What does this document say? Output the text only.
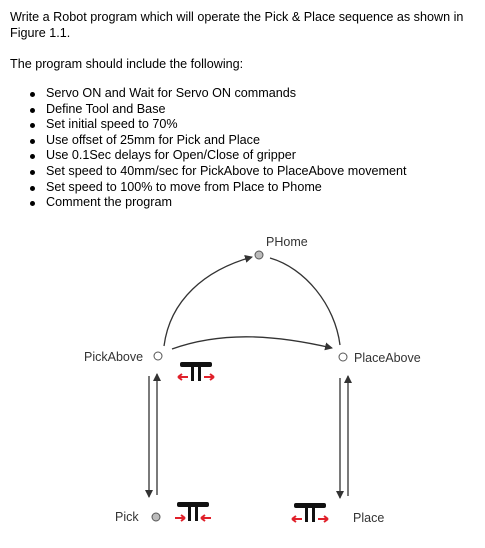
Write a Robot program which will operate the Pick & Place sequence as shown in Figure 1.1.
The program should include the following:
Servo ON and Wait for Servo ON commands
Define Tool and Base
Set initial speed to 70%
Use offset of 25mm for Pick and Place
Use 0.1Sec delays for Open/Close of gripper
Set speed to 40mm/sec for PickAbove to PlaceAbove movement
Set speed to 100% to move from Place to Phome
Comment the program
PHome
PickAbove	PlaceAbove
Pick	Place
